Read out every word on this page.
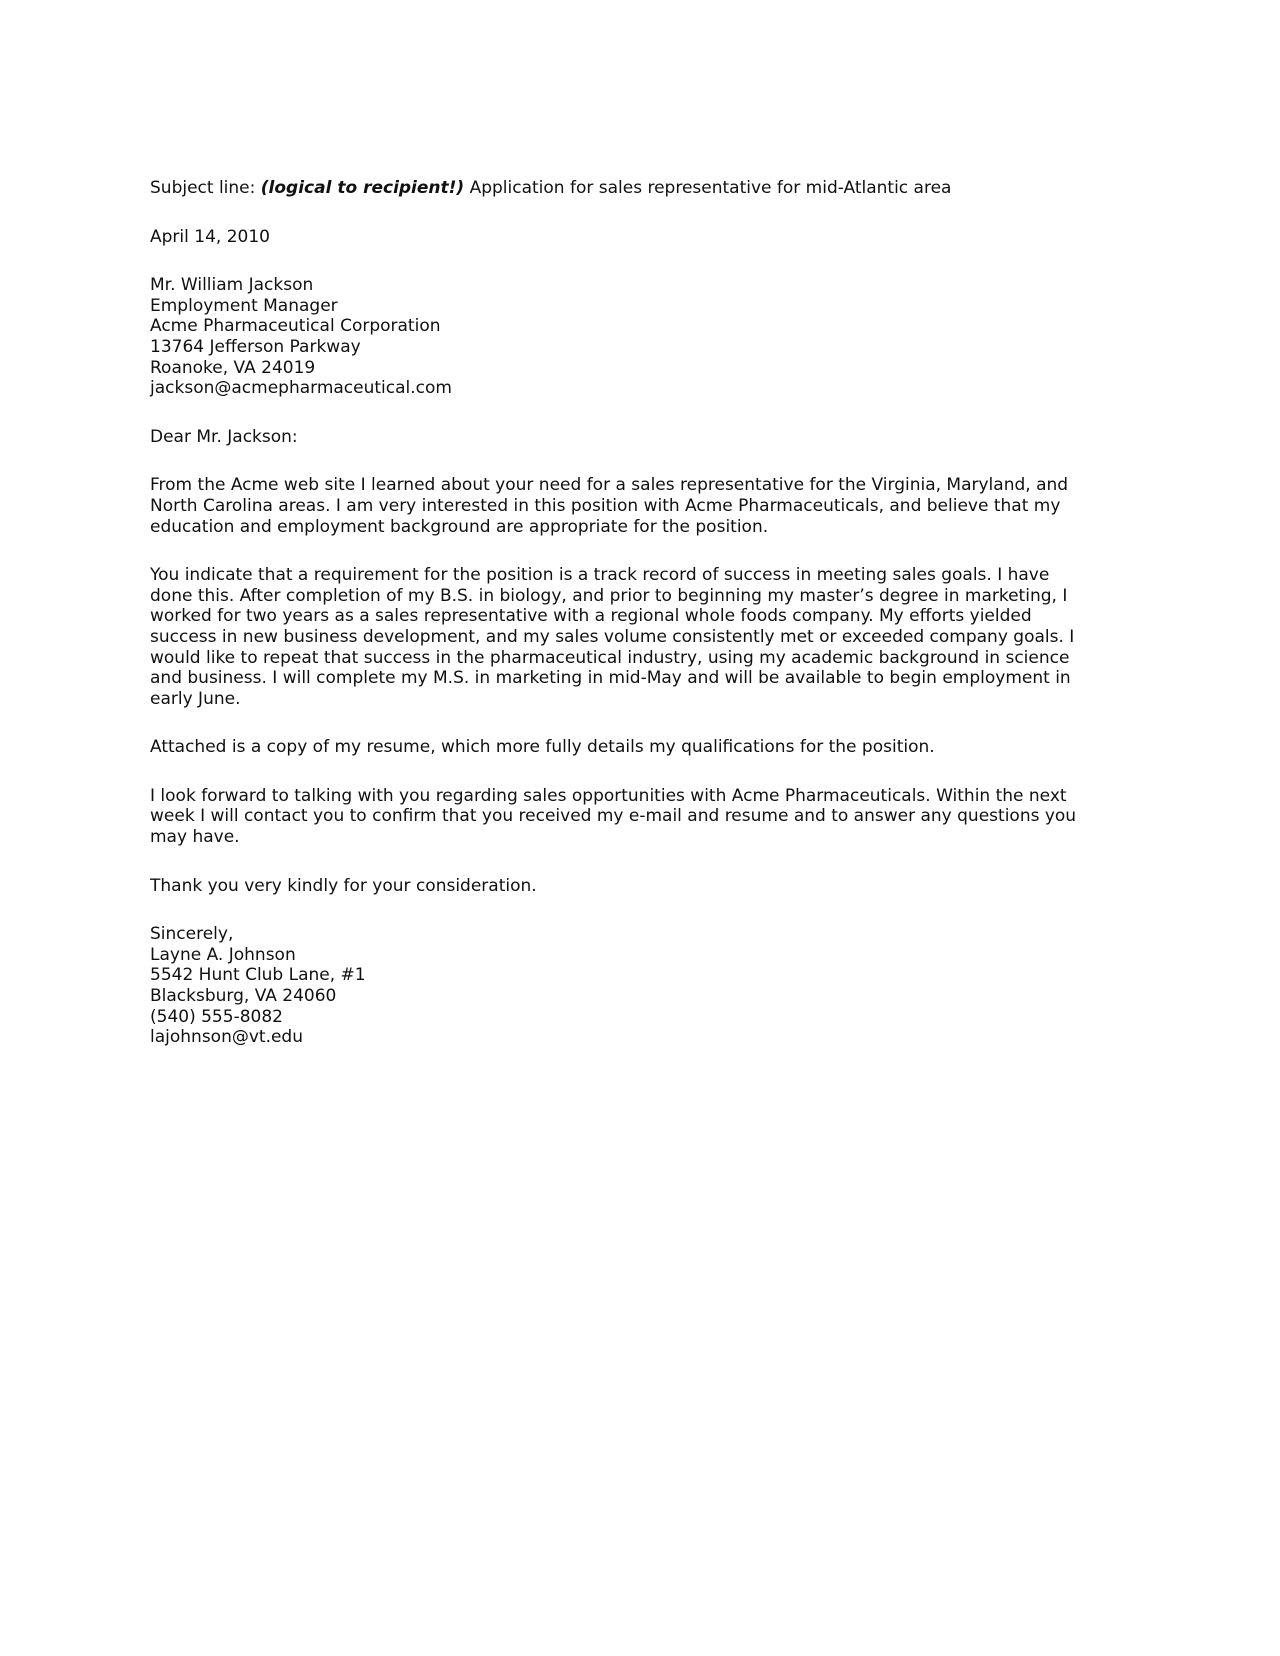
Subject line: (logical to recipient!) Application for sales representative for mid-Atlantic area
April 14, 2010
Mr. William Jackson
Employment Manager
Acme Pharmaceutical Corporation
13764 Jefferson Parkway
Roanoke, VA 24019
jackson@acmepharmaceutical.com
Dear Mr. Jackson:
From the Acme web site I learned about your need for a sales representative for the Virginia, Maryland, and
North Carolina areas. I am very interested in this position with Acme Pharmaceuticals, and believe that my
education and employment background are appropriate for the position.
You indicate that a requirement for the position is a track record of success in meeting sales goals. I have
done this. After completion of my B.S. in biology, and prior to beginning my master’s degree in marketing, I
worked for two years as a sales representative with a regional whole foods company. My efforts yielded
success in new business development, and my sales volume consistently met or exceeded company goals. I
would like to repeat that success in the pharmaceutical industry, using my academic background in science
and business. I will complete my M.S. in marketing in mid-May and will be available to begin employment in
early June.
Attached is a copy of my resume, which more fully details my qualifications for the position.
I look forward to talking with you regarding sales opportunities with Acme Pharmaceuticals. Within the next
week I will contact you to confirm that you received my e-mail and resume and to answer any questions you
may have.
Thank you very kindly for your consideration.
Sincerely,
Layne A. Johnson
5542 Hunt Club Lane, #1
Blacksburg, VA 24060
(540) 555-8082
lajohnson@vt.edu
